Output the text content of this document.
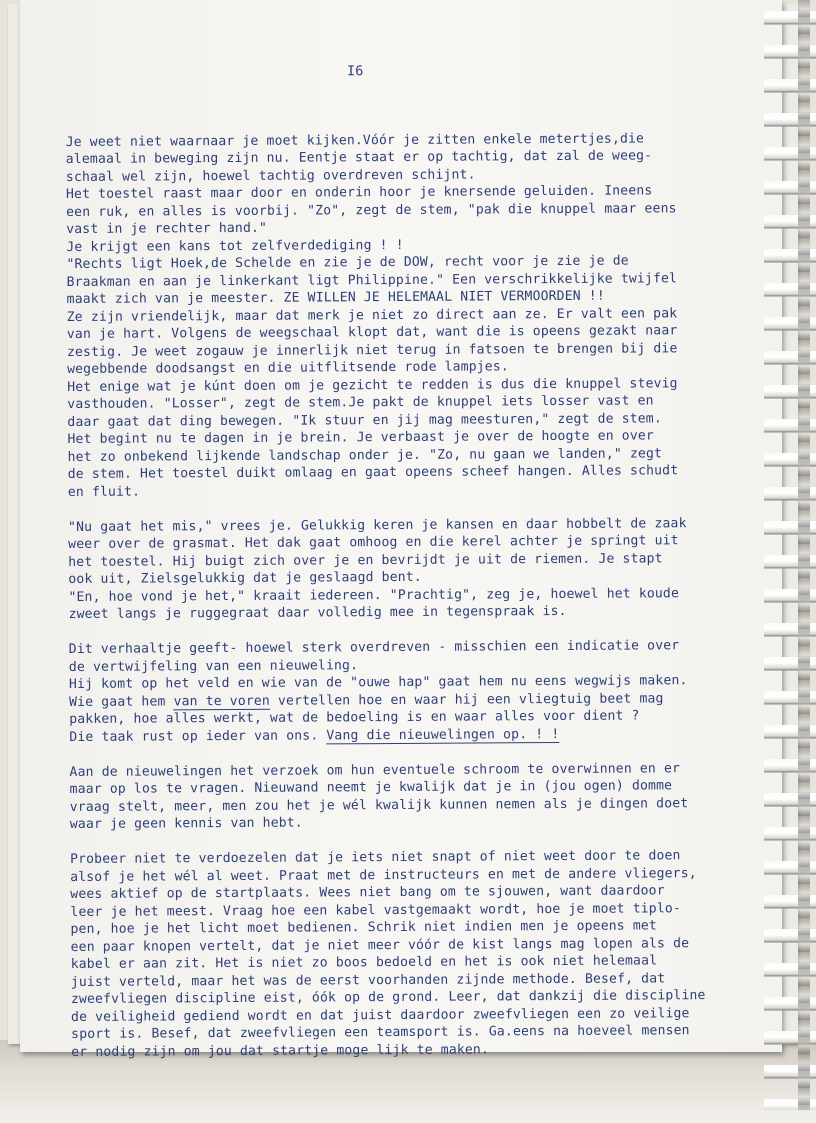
I6

Je weet niet waarnaar je moet kijken.Vóór je zitten enkele metertjes,die
alemaal in beweging zijn nu. Eentje staat er op tachtig, dat zal de weeg-
schaal wel zijn, hoewel tachtig overdreven schijnt.
Het toestel raast maar door en onderin hoor je knersende geluiden. Ineens
een ruk, en alles is voorbij. "Zo", zegt de stem, "pak die knuppel maar eens
vast in je rechter hand."
Je krijgt een kans tot zelfverdediging ! !
"Rechts ligt Hoek,de Schelde en zie je de DOW, recht voor je zie je de
Braakman en aan je linkerkant ligt Philippine." Een verschrikkelijke twijfel
maakt zich van je meester. ZE WILLEN JE HELEMAAL NIET VERMOORDEN !!
Ze zijn vriendelijk, maar dat merk je niet zo direct aan ze. Er valt een pak
van je hart. Volgens de weegschaal klopt dat, want die is opeens gezakt naar
zestig. Je weet zogauw je innerlijk niet terug in fatsoen te brengen bij die
wegebbende doodsangst en die uitflitsende rode lampjes.
Het enige wat je kúnt doen om je gezicht te redden is dus die knuppel stevig
vasthouden. "Losser", zegt de stem.Je pakt de knuppel iets losser vast en
daar gaat dat ding bewegen. "Ik stuur en jij mag meesturen," zegt de stem.
Het begint nu te dagen in je brein. Je verbaast je over de hoogte en over
het zo onbekend lijkende landschap onder je. "Zo, nu gaan we landen," zegt
de stem. Het toestel duikt omlaag en gaat opeens scheef hangen. Alles schudt
en fluit.
"Nu gaat het mis," vrees je. Gelukkig keren je kansen en daar hobbelt de zaak
weer over de grasmat. Het dak gaat omhoog en die kerel achter je springt uit
het toestel. Hij buigt zich over je en bevrijdt je uit de riemen. Je stapt
ook uit, Zielsgelukkig dat je geslaagd bent.
"En, hoe vond je het," kraait iedereen. "Prachtig", zeg je, hoewel het koude
zweet langs je ruggegraat daar volledig mee in tegenspraak is.
Dit verhaaltje geeft- hoewel sterk overdreven - misschien een indicatie over
de vertwijfeling van een nieuweling.
Hij komt op het veld en wie van de "ouwe hap" gaat hem nu eens wegwijs maken.
Wie gaat hem van te voren vertellen hoe en waar hij een vliegtuig beet mag
pakken, hoe alles werkt, wat de bedoeling is en waar alles voor dient ?
Die taak rust op ieder van ons. Vang die nieuwelingen op. ! !
Aan de nieuwelingen het verzoek om hun eventuele schroom te overwinnen en er
maar op los te vragen. Nieuwand neemt je kwalijk dat je in (jou ogen) domme
vraag stelt, meer, men zou het je wél kwalijk kunnen nemen als je dingen doet
waar je geen kennis van hebt.
Probeer niet te verdoezelen dat je iets niet snapt of niet weet door te doen
alsof je het wél al weet. Praat met de instructeurs en met de andere vliegers,
wees aktief op de startplaats. Wees niet bang om te sjouwen, want daardoor
leer je het meest. Vraag hoe een kabel vastgemaakt wordt, hoe je moet tiplo-
pen, hoe je het licht moet bedienen. Schrik niet indien men je opeens met
een paar knopen vertelt, dat je niet meer vóór de kist langs mag lopen als de
kabel er aan zit. Het is niet zo boos bedoeld en het is ook niet helemaal
juist verteld, maar het was de eerst voorhanden zijnde methode. Besef, dat
zweefvliegen discipline eist, óók op de grond. Leer, dat dankzij die discipline
de veiligheid gediend wordt en dat juist daardoor zweefvliegen een zo veilige
sport is. Besef, dat zweefvliegen een teamsport is. Ga.eens na hoeveel mensen
er nodig zijn om jou dat startje moge lijk te maken.
